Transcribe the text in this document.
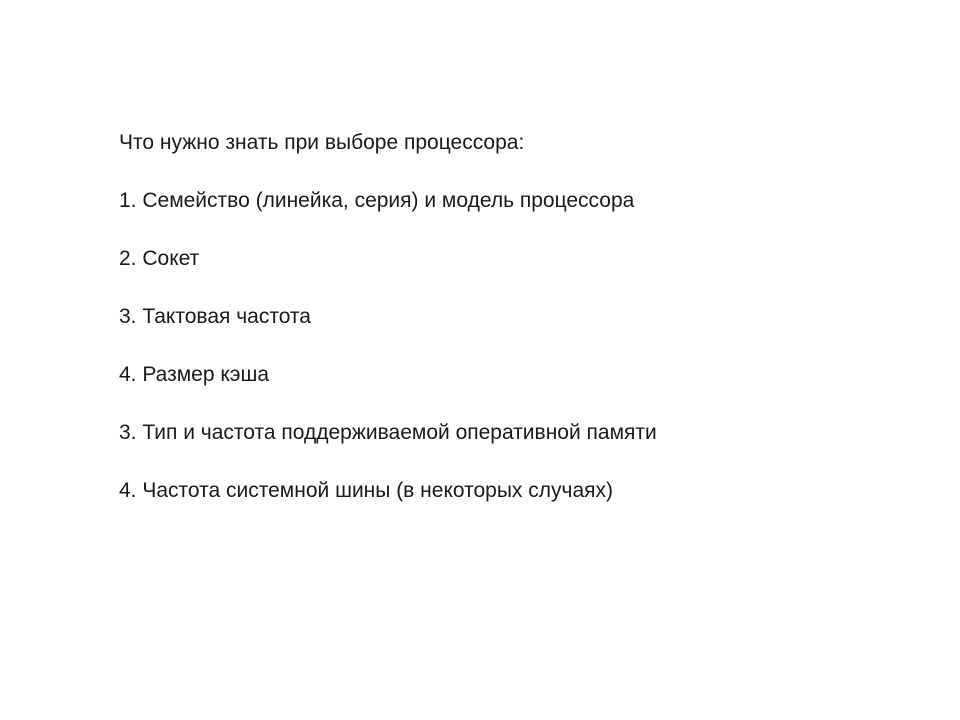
Что нужно знать при выборе процессора:
1. Семейство (линейка, серия) и модель процессора
2. Сокет
3. Тактовая частота
4. Размер кэша
3. Тип и частота поддерживаемой оперативной памяти
4. Частота системной шины (в некоторых случаях)
